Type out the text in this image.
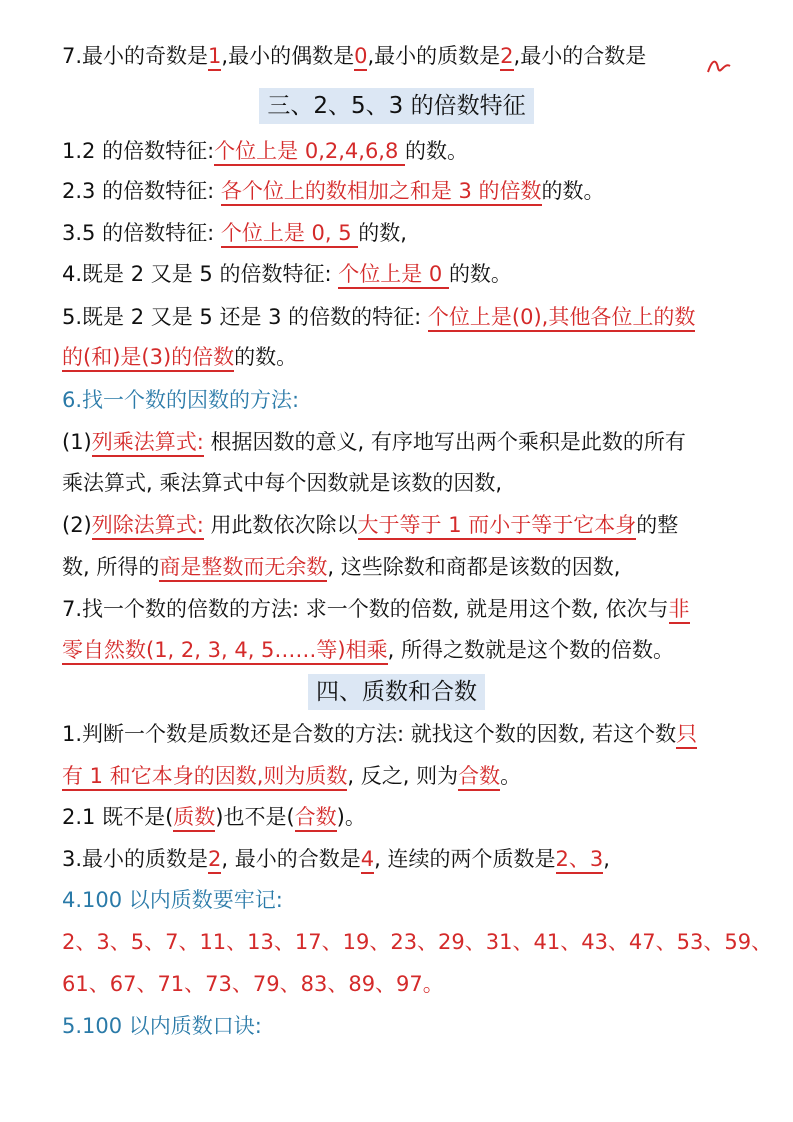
7.最小的奇数是1,最小的偶数是0,最小的质数是2,最小的合数是
三、2、5、3 的倍数特征
1.2 的倍数特征:个位上是 0,2,4,6,8 的数。
2.3 的倍数特征: 各个位上的数相加之和是 3 的倍数的数。
3.5 的倍数特征: 个位上是 0, 5 的数,
4.既是 2 又是 5 的倍数特征: 个位上是 0 的数。
5.既是 2 又是 5 还是 3 的倍数的特征: 个位上是(0),其他各位上的数
的(和)是(3)的倍数的数。
6.找一个数的因数的方法:
(1)列乘法算式: 根据因数的意义, 有序地写出两个乘积是此数的所有
乘法算式, 乘法算式中每个因数就是该数的因数,
(2)列除法算式: 用此数依次除以大于等于 1 而小于等于它本身的整
数, 所得的商是整数而无余数, 这些除数和商都是该数的因数,
7.找一个数的倍数的方法: 求一个数的倍数, 就是用这个数, 依次与非
零自然数(1, 2, 3, 4, 5……等)相乘, 所得之数就是这个数的倍数。
四、质数和合数
1.判断一个数是质数还是合数的方法: 就找这个数的因数, 若这个数只
有 1 和它本身的因数,则为质数, 反之, 则为合数。
2.1 既不是(质数)也不是(合数)。
3.最小的质数是2, 最小的合数是4, 连续的两个质数是2、3,
4.100 以内质数要牢记:
2、3、5、7、11、13、17、19、23、29、31、41、43、47、53、59、
61、67、71、73、79、83、89、97。
5.100 以内质数口诀:
